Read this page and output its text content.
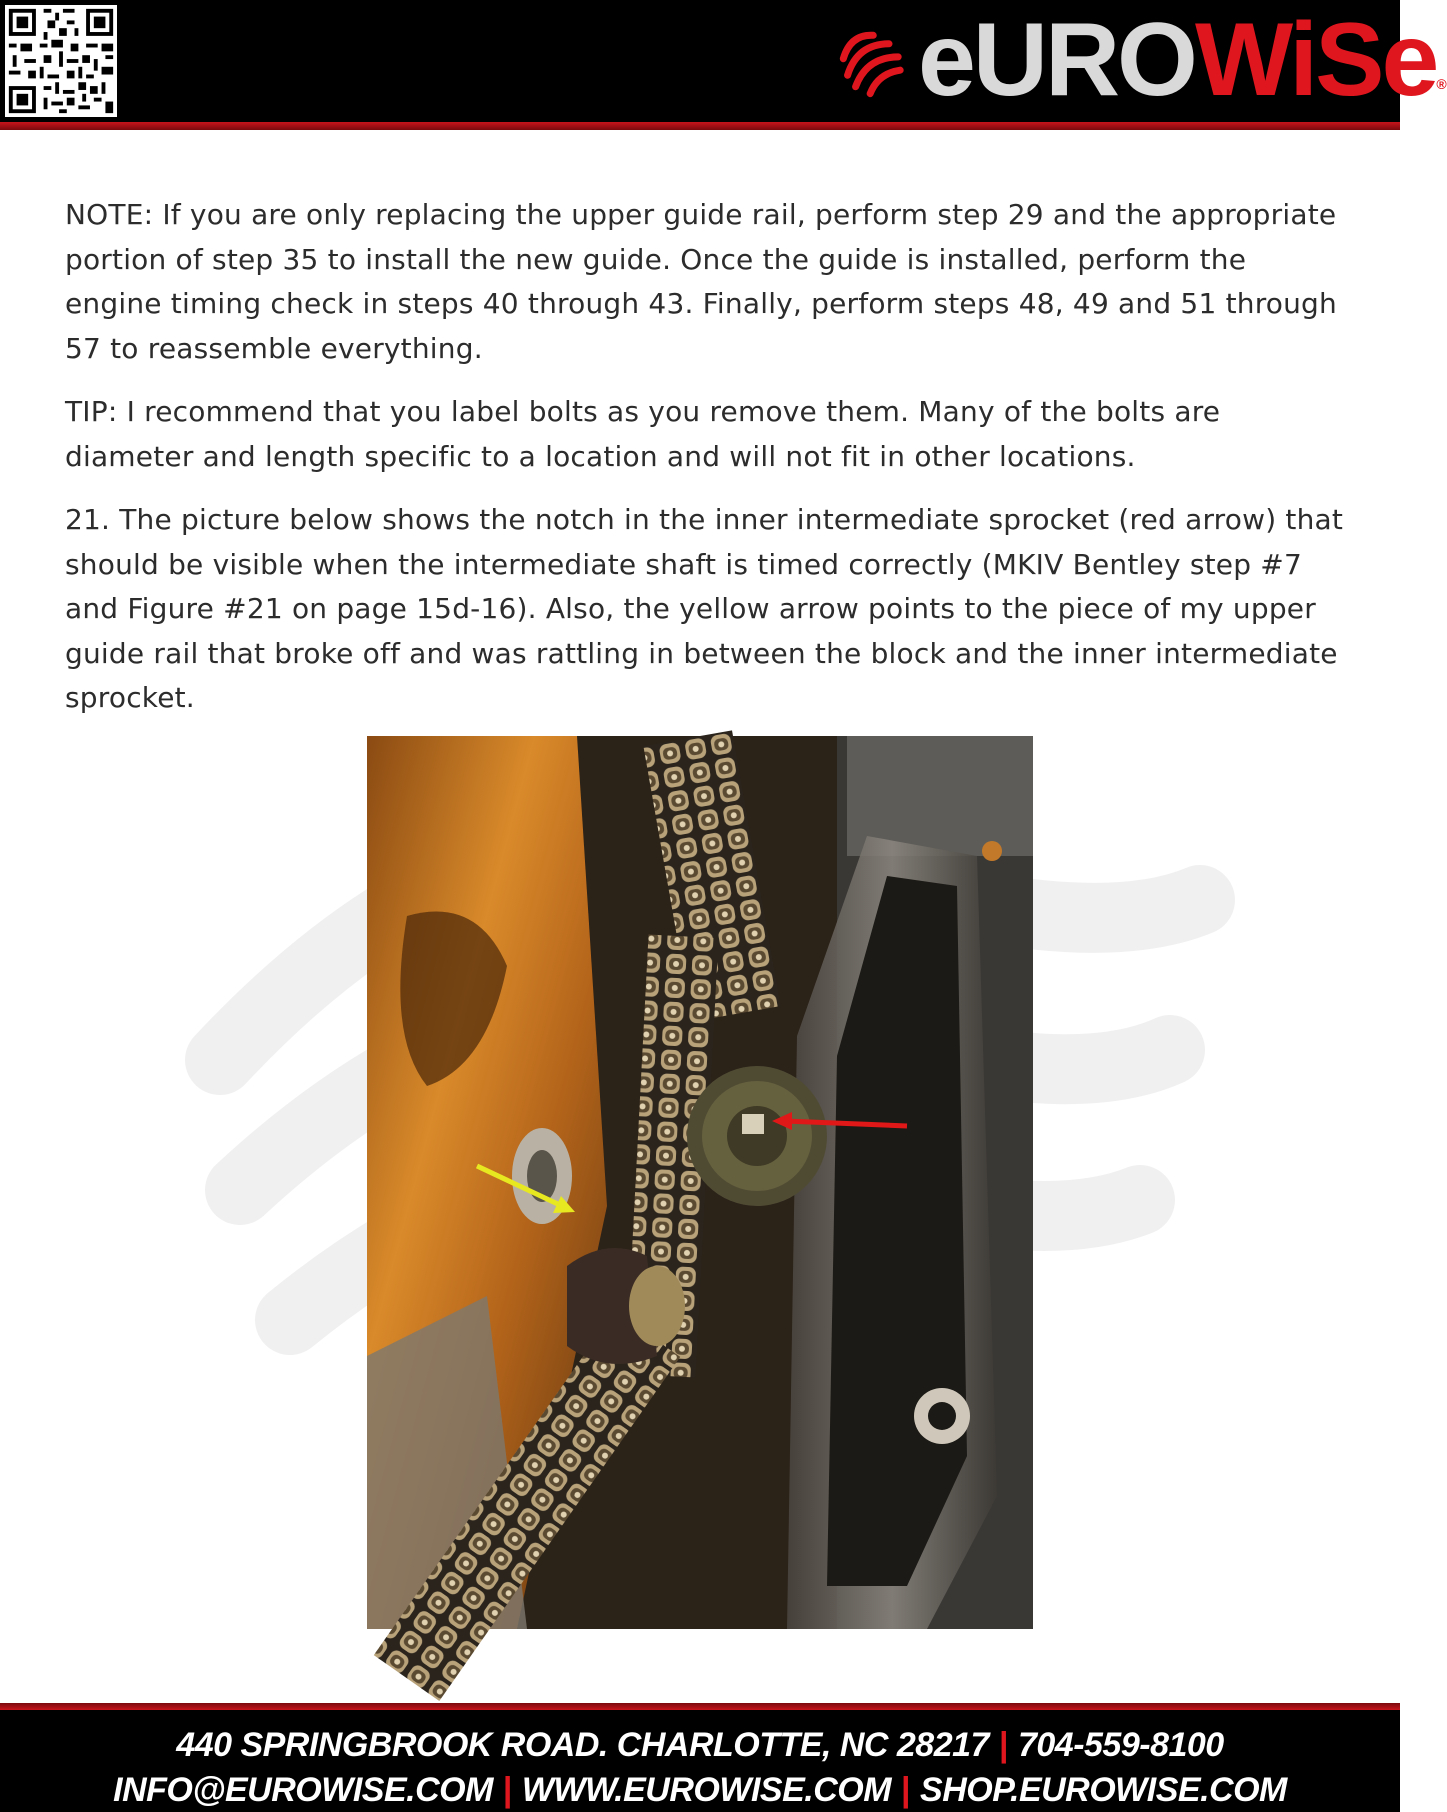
eUROWiSe®

NOTE: If you are only replacing the upper guide rail, perform step 29 and the appropriate portion of step 35 to install the new guide. Once the guide is installed, perform the engine timing check in steps 40 through 43. Finally, perform steps 48, 49 and 51 through 57 to reassemble everything.

TIP: I recommend that you label bolts as you remove them. Many of the bolts are diameter and length specific to a location and will not fit in other locations.

21. The picture below shows the notch in the inner intermediate sprocket (red arrow) that should be visible when the intermediate shaft is timed correctly (MKIV Bentley step #7 and Figure #21 on page 15d-16). Also, the yellow arrow points to the piece of my upper guide rail that broke off and was rattling in between the block and the inner intermediate sprocket.

440 SPRINGBROOK ROAD. CHARLOTTE, NC 28217 | 704-559-8100
INFO@EUROWISE.COM | WWW.EUROWISE.COM | SHOP.EUROWISE.COM
